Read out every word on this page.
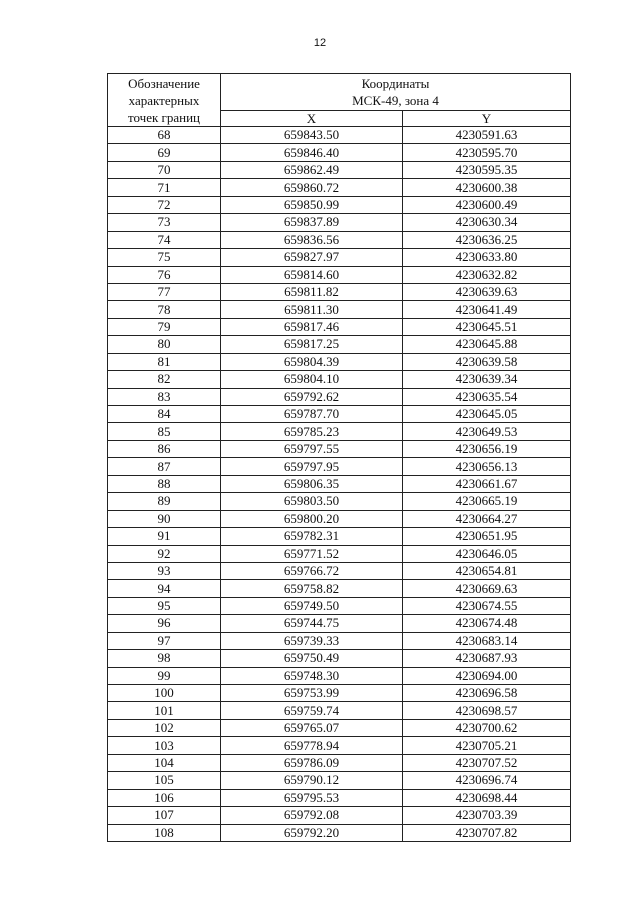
12
Обозначение
характерных
точек границ	Координаты
МСК-49, зона 4	
	X	Y
68	659843.50	4230591.63
69	659846.40	4230595.70
70	659862.49	4230595.35
71	659860.72	4230600.38
72	659850.99	4230600.49
73	659837.89	4230630.34
74	659836.56	4230636.25
75	659827.97	4230633.80
76	659814.60	4230632.82
77	659811.82	4230639.63
78	659811.30	4230641.49
79	659817.46	4230645.51
80	659817.25	4230645.88
81	659804.39	4230639.58
82	659804.10	4230639.34
83	659792.62	4230635.54
84	659787.70	4230645.05
85	659785.23	4230649.53
86	659797.55	4230656.19
87	659797.95	4230656.13
88	659806.35	4230661.67
89	659803.50	4230665.19
90	659800.20	4230664.27
91	659782.31	4230651.95
92	659771.52	4230646.05
93	659766.72	4230654.81
94	659758.82	4230669.63
95	659749.50	4230674.55
96	659744.75	4230674.48
97	659739.33	4230683.14
98	659750.49	4230687.93
99	659748.30	4230694.00
100	659753.99	4230696.58
101	659759.74	4230698.57
102	659765.07	4230700.62
103	659778.94	4230705.21
104	659786.09	4230707.52
105	659790.12	4230696.74
106	659795.53	4230698.44
107	659792.08	4230703.39
108	659792.20	4230707.82
